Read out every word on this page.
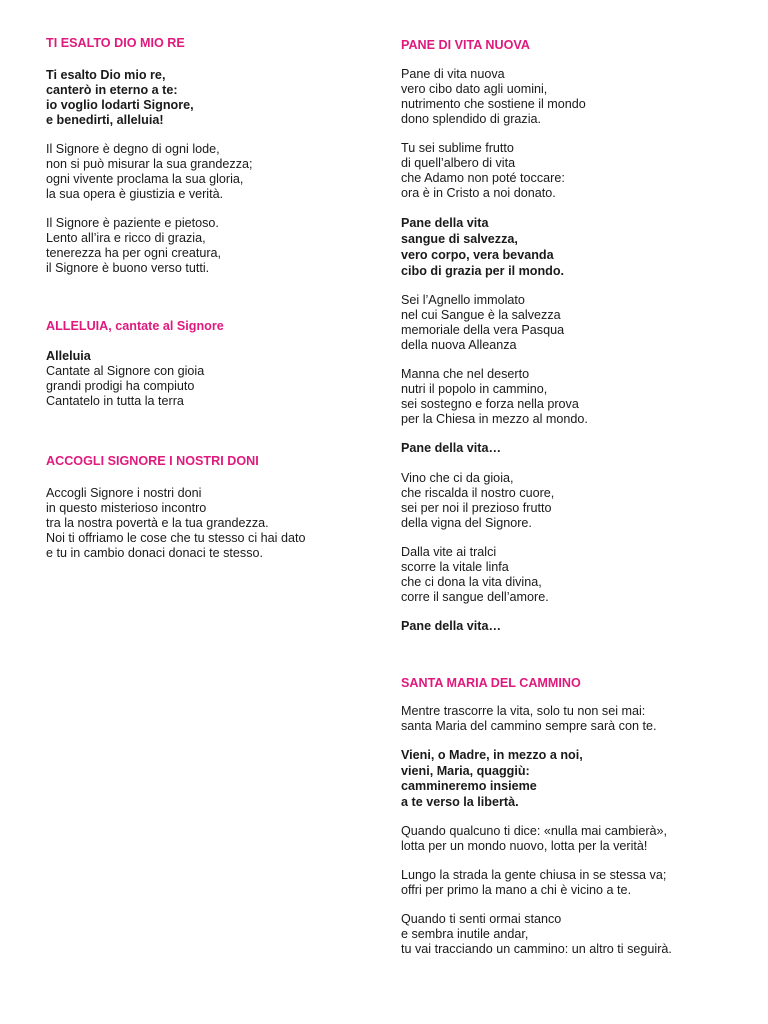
TI ESALTO DIO MIO RE

Ti esalto Dio mio re,
canterò in eterno a te:
io voglio lodarti Signore,
e benedirti, alleluia!

Il Signore è degno di ogni lode,
non si può misurar la sua grandezza;
ogni vivente proclama la sua gloria,
la sua opera è giustizia e verità.

Il Signore è paziente e pietoso.
Lento all’ira e ricco di grazia,
tenerezza ha per ogni creatura,
il Signore è buono verso tutti.

ALLELUIA, cantate al Signore

Alleluia

Cantate al Signore con gioia
grandi prodigi ha compiuto
Cantatelo in tutta la terra

ACCOGLI SIGNORE I NOSTRI DONI

Accogli Signore i nostri doni
in questo misterioso incontro
tra la nostra povertà e la tua grandezza.
Noi ti offriamo le cose che tu stesso ci hai dato
e tu in cambio donaci donaci te stesso.

PANE DI VITA NUOVA

Pane di vita nuova
vero cibo dato agli uomini,
nutrimento che sostiene il mondo
dono splendido di grazia.

Tu sei sublime frutto
di quell’albero di vita
che Adamo non poté toccare:
ora è in Cristo a noi donato.

Pane della vita
sangue di salvezza,
vero corpo, vera bevanda
cibo di grazia per il mondo.

Sei l’Agnello immolato
nel cui Sangue è la salvezza
memoriale della vera Pasqua
della nuova Alleanza

Manna che nel deserto
nutri il popolo in cammino,
sei sostegno e forza nella prova
per la Chiesa in mezzo al mondo.

Pane della vita…

Vino che ci da gioia,
che riscalda il nostro cuore,
sei per noi il prezioso frutto
della vigna del Signore.

Dalla vite ai tralci
scorre la vitale linfa
che ci dona la vita divina,
corre il sangue dell’amore.

Pane della vita…

SANTA MARIA DEL CAMMINO

Mentre trascorre la vita, solo tu non sei mai:
santa Maria del cammino sempre sarà con te.

Vieni, o Madre, in mezzo a noi,
vieni, Maria, quaggiù:
cammineremo insieme
a te verso la libertà.

Quando qualcuno ti dice: «nulla mai cambierà»,
lotta per un mondo nuovo, lotta per la verità!

Lungo la strada la gente chiusa in se stessa va;
offri per primo la mano a chi è vicino a te.

Quando ti senti ormai stanco
e sembra inutile andar,
tu vai tracciando un cammino: un altro ti seguirà.
